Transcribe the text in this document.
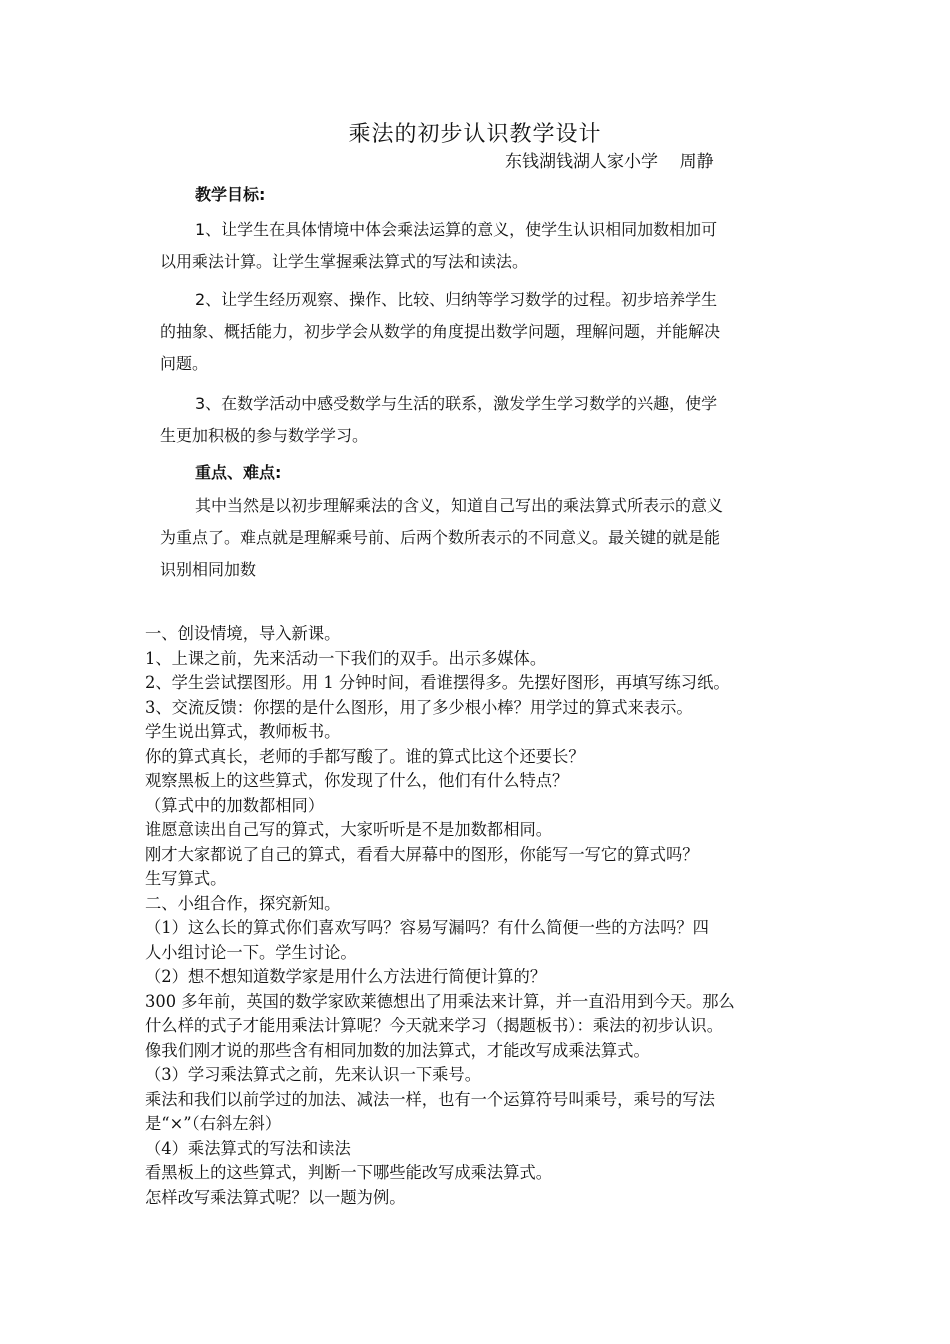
乘法的初步认识教学设计
东钱湖钱湖人家小学    周静
教学目标:
1、让学生在具体情境中体会乘法运算的意义，使学生认识相同加数相加可
以用乘法计算。让学生掌握乘法算式的写法和读法。
2、让学生经历观察、操作、比较、归纳等学习数学的过程。初步培养学生
的抽象、概括能力，初步学会从数学的角度提出数学问题，理解问题，并能解决
问题。
3、在数学活动中感受数学与生活的联系，激发学生学习数学的兴趣，使学
生更加积极的参与数学学习。
重点、难点:
其中当然是以初步理解乘法的含义，知道自己写出的乘法算式所表示的意义
为重点了。难点就是理解乘号前、后两个数所表示的不同意义。最关键的就是能
识别相同加数

一、创设情境，导入新课。

1、上课之前，先来活动一下我们的双手。出示多媒体。

2、学生尝试摆图形。用 1 分钟时间，看谁摆得多。先摆好图形，再填写练习纸。

3、交流反馈：你摆的是什么图形，用了多少根小棒？用学过的算式来表示。

学生说出算式，教师板书。

你的算式真长，老师的手都写酸了。谁的算式比这个还要长？

观察黑板上的这些算式，你发现了什么，他们有什么特点？

（算式中的加数都相同）

谁愿意读出自己写的算式，大家听听是不是加数都相同。

刚才大家都说了自己的算式，看看大屏幕中的图形，你能写一写它的算式吗？

生写算式。

二、小组合作，探究新知。

（1）这么长的算式你们喜欢写吗？容易写漏吗？有什么简便一些的方法吗？四

人小组讨论一下。学生讨论。

（2）想不想知道数学家是用什么方法进行简便计算的？

300 多年前，英国的数学家欧莱德想出了用乘法来计算，并一直沿用到今天。那么

什么样的式子才能用乘法计算呢？今天就来学习（揭题板书）：乘法的初步认识。

像我们刚才说的那些含有相同加数的加法算式，才能改写成乘法算式。

（3）学习乘法算式之前，先来认识一下乘号。

乘法和我们以前学过的加法、减法一样，也有一个运算符号叫乘号，乘号的写法

是“×”（右斜左斜）

（4）乘法算式的写法和读法

看黑板上的这些算式，判断一下哪些能改写成乘法算式。

怎样改写乘法算式呢？以一题为例。
